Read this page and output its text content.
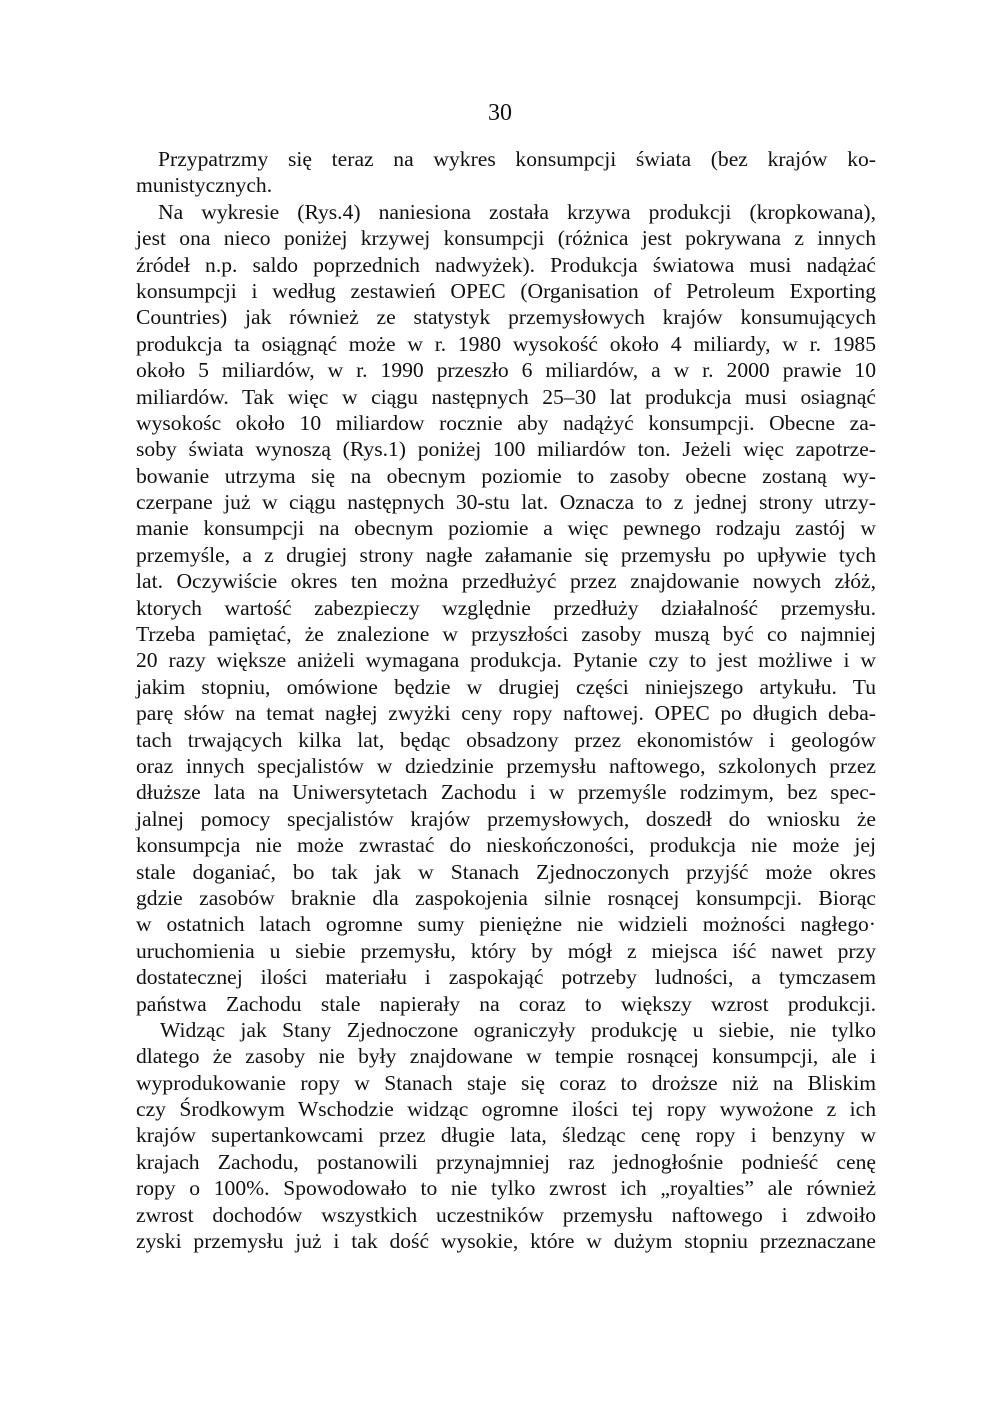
30
Przypatrzmy się teraz na wykres konsumpcji świata (bez krajów ko-
munistycznych.
Na wykresie (Rys.4) naniesiona została krzywa produkcji (kropkowana),
jest ona nieco poniżej krzywej konsumpcji (różnica jest pokrywana z innych
źródeł n.p. saldo poprzednich nadwyżek). Produkcja światowa musi nadążać
konsumpcji i według zestawień OPEC (Organisation of Petroleum Exporting
Countries) jak również ze statystyk przemysłowych krajów konsumujących
produkcja ta osiągnąć może w r. 1980 wysokość około 4 miliardy, w r. 1985
około 5 miliardów, w r. 1990 przeszło 6 miliardów, a w r. 2000 prawie 10
miliardów. Tak więc w ciągu następnych 25–30 lat produkcja musi osiagnąć
wysokośc około 10 miliardow rocznie aby nadążyć konsumpcji. Obecne za-
soby świata wynoszą (Rys.1) poniżej 100 miliardów ton. Jeżeli więc zapotrze-
bowanie utrzyma się na obecnym poziomie to zasoby obecne zostaną wy-
czerpane już w ciągu następnych 30-stu lat. Oznacza to z jednej strony utrzy-
manie konsumpcji na obecnym poziomie a więc pewnego rodzaju zastój w
przemyśle, a z drugiej strony nagłe załamanie się przemysłu po upływie tych
lat. Oczywiście okres ten można przedłużyć przez znajdowanie nowych złóż,
ktorych wartość zabezpieczy względnie przedłuży działalność przemysłu.
Trzeba pamiętać, że znalezione w przyszłości zasoby muszą być co najmniej
20 razy większe aniżeli wymagana produkcja. Pytanie czy to jest możliwe i w
jakim stopniu, omówione będzie w drugiej części niniejszego artykułu. Tu
parę słów na temat nagłej zwyżki ceny ropy naftowej. OPEC po długich deba-
tach trwających kilka lat, będąc obsadzony przez ekonomistów i geologów
oraz innych specjalistów w dziedzinie przemysłu naftowego, szkolonych przez
dłuższe lata na Uniwersytetach Zachodu i w przemyśle rodzimym, bez spec-
jalnej pomocy specjalistów krajów przemysłowych, doszedł do wniosku że
konsumpcja nie może zwrastać do nieskończoności, produkcja nie może jej
stale doganiać, bo tak jak w Stanach Zjednoczonych przyjść może okres
gdzie zasobów braknie dla zaspokojenia silnie rosnącej konsumpcji. Biorąc
w ostatnich latach ogromne sumy pieniężne nie widzieli możności nagłego·
uruchomienia u siebie przemysłu, który by mógł z miejsca iść nawet przy
dostatecznej ilości materiału i zaspokająć potrzeby ludności, a tymczasem
państwa Zachodu stale napierały na coraz to większy wzrost produkcji.
Widząc jak Stany Zjednoczone ograniczyły produkcję u siebie, nie tylko
dlatego że zasoby nie były znajdowane w tempie rosnącej konsumpcji, ale i
wyprodukowanie ropy w Stanach staje się coraz to droższe niż na Bliskim
czy Środkowym Wschodzie widząc ogromne ilości tej ropy wywożone z ich
krajów supertankowcami przez długie lata, śledząc cenę ropy i benzyny w
krajach Zachodu, postanowili przynajmniej raz jednogłośnie podnieść cenę
ropy o 100%. Spowodowało to nie tylko zwrost ich „royalties” ale również
zwrost dochodów wszystkich uczestników przemysłu naftowego i zdwoiło
zyski przemysłu już i tak dość wysokie, które w dużym stopniu przeznaczane
